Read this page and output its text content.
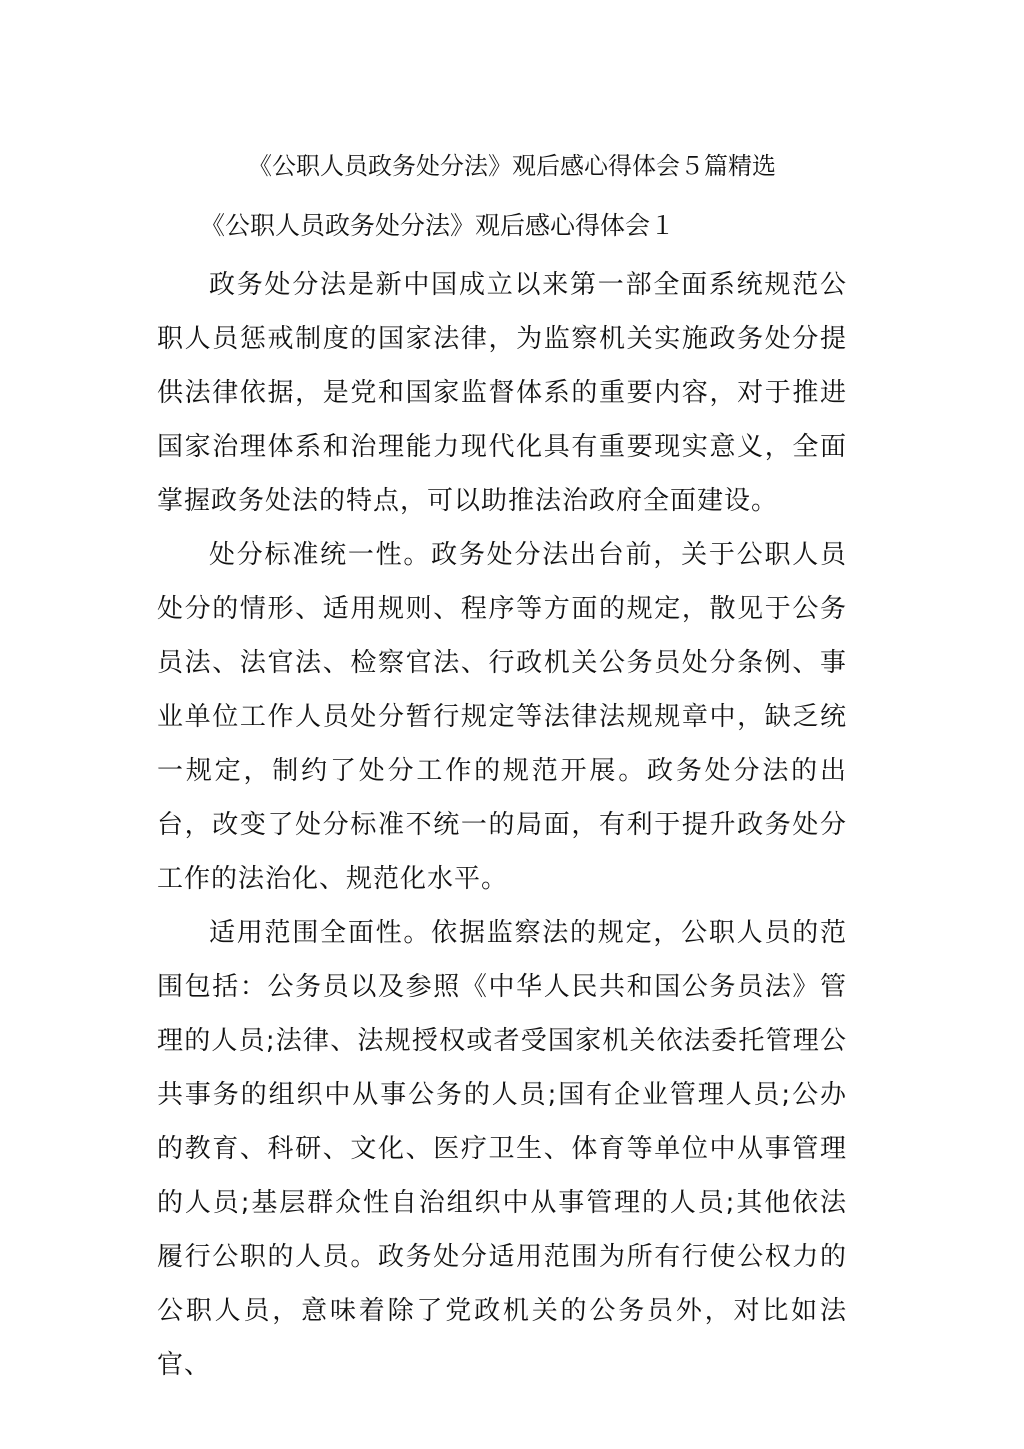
《公职人员政务处分法》观后感心得体会５篇精选
《公职人员政务处分法》观后感心得体会１

政务处分法是新中国成立以来第一部全面系统规范公职人员惩戒制度的国家法律，为监察机关实施政务处分提供法律依据，是党和国家监督体系的重要内容，对于推进国家治理体系和治理能力现代化具有重要现实意义，全面掌握政务处法的特点，可以助推法治政府全面建设。

处分标准统一性。政务处分法出台前，关于公职人员处分的情形、适用规则、程序等方面的规定，散见于公务员法、法官法、检察官法、行政机关公务员处分条例、事业单位工作人员处分暂行规定等法律法规规章中，缺乏统一规定，制约了处分工作的规范开展。政务处分法的出台，改变了处分标准不统一的局面，有利于提升政务处分工作的法治化、规范化水平。

适用范围全面性。依据监察法的规定，公职人员的范围包括：公务员以及参照《中华人民共和国公务员法》管理的人员;法律、法规授权或者受国家机关依法委托管理公共事务的组织中从事公务的人员;国有企业管理人员;公办的教育、科研、文化、医疗卫生、体育等单位中从事管理的人员;基层群众性自治组织中从事管理的人员;其他依法履行公职的人员。政务处分适用范围为所有行使公权力的公职人员，意味着除了党政机关的公务员外，对比如法官、
